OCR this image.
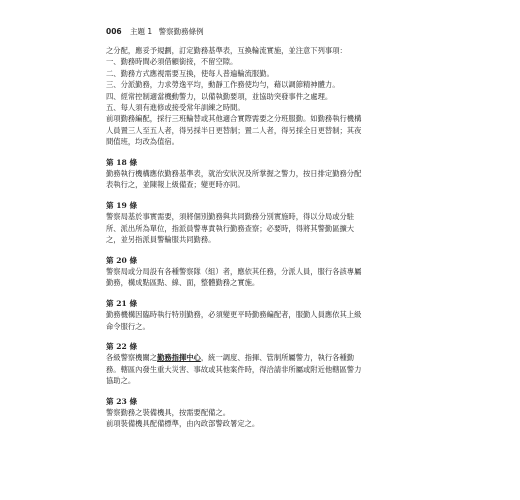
006 主題 1 警察勤務條例
之分配，應妥予規劃，訂定勤務基準表，互換輪流實施，並注意下列事項：
一、勤務時間必須借顧銜接，不留空隙。
二、勤務方式應視需要互換，使每人普遍輪流服勤。
三、分派勤務，力求勞逸平均，動靜工作務使均勻，藉以調節精神體力。
四、經常控制適當機動警力，以備執勤要項，並協助突發事件之處理。
五、每人須有進修或接受常年訓練之時間。
前項勤務編配，採行三班輪替或其他適合實際需要之分班服勤。如勤務執行機構
人員置三人至五人者，得另採半日更替制；置二人者，得另採全日更替制；其夜
間值班，均改為值宿。
第 18 條
勤務執行機構應依勤務基準表，就治安狀況及所掌握之警力，按日排定勤務分配
表執行之，並陳報上級備查；變更時亦同。
第 19 條
警察局基於事實需要，須將個別勤務與共同勤務分別實施時，得以分局或分駐
所、派出所為單位，指派員警專責執行勤務查察；必要時，得將其警勤區擴大
之，並另指派員警輪服共同勤務。
第 20 條
警察局或分局設有各種警察隊（組）者，應依其任務，分派人員，服行各該專屬
勤務，構成點區點、線、面，整體勤務之實施。
第 21 條
勤務機構因臨時執行特別勤務，必須變更平時勤務編配者，服勤人員應依其上級
命令服行之。
第 22 條
各級警察機關之勤務指揮中心，統一調度、指揮、管制所屬警力，執行各種勤
務。轄區內發生重大災害、事故或其他案件時，得洽請非所屬或附近他轄區警力
協助之。
第 23 條
警察勤務之裝備機具，按需要配備之。
前項裝備機具配備標準，由內政部警政署定之。
